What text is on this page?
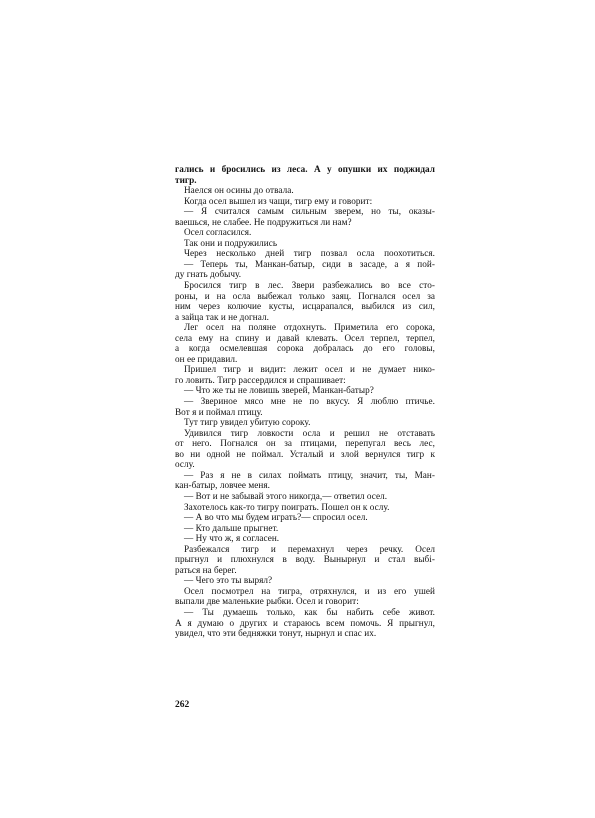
гались и бросились из леса. А у опушки их поджидал
тигр.
Наелся он осины до отвала.
Когда осел вышел из чащи, тигр ему и говорит:
— Я считался самым сильным зверем, но ты, оказы-
ваешься, не слабее. Не подружиться ли нам?
Осел согласился.
Так они и подружились
Через несколько дней тигр позвал осла поохотиться.
— Теперь ты, Манкан-батыр, сиди в засаде, а я пой-
ду гнать добычу.
Бросился тигр в лес. Звери разбежались во все сто-
роны, и на осла выбежал только заяц. Погнался осел за
ним через колючие кусты, исцарапался, выбился из сил,
а зайца так и не догнал.
Лег осел на поляне отдохнуть. Приметила его сорока,
села ему на спину и давай клевать. Осел терпел, терпел,
а когда осмелевшая сорока добралась до его головы,
он ее придавил.
Пришел тигр и видит: лежит осел и не думает нико-
го ловить. Тигр рассердился и спрашивает:
— Что же ты не ловишь зверей, Манкан-батыр?
— Звериное мясо мне не по вкусу. Я люблю птичье.
Вот я и поймал птицу.
Тут тигр увидел убитую сороку.
Удивился тигр ловкости осла и решил не отставать
от него. Погнался он за птицами, перепугал весь лес,
во ни одной не поймал. Усталый и злой вернулся тигр к
ослу.
— Раз я не в силах поймать птицу, значит, ты, Ман-
кан-батыр, ловчее меня.
— Вот и не забывай этого никогда,— ответил осел.
Захотелось как-то тигру поиграть. Пошел он к ослу.
— А во что мы будем играть?— спросил осел.
— Кто дальше прыгнет.
— Ну что ж, я согласен.
Разбежался тигр и перемахнул через речку. Осел
прыгнул и плюхнулся в воду. Вынырнул и стал выбі-
раться на берег.
— Чего это ты вырял?
Осел посмотрел на тигра, отряхнулся, и из его ушей
выпали две маленькие рыбки. Осел и говорит:
— Ты думаешь только, как бы набить себе живот.
А я думаю о других и стараюсь всем помочь. Я прыгнул,
увидел, что эти бедняжки тонут, нырнул и спас их.
262
